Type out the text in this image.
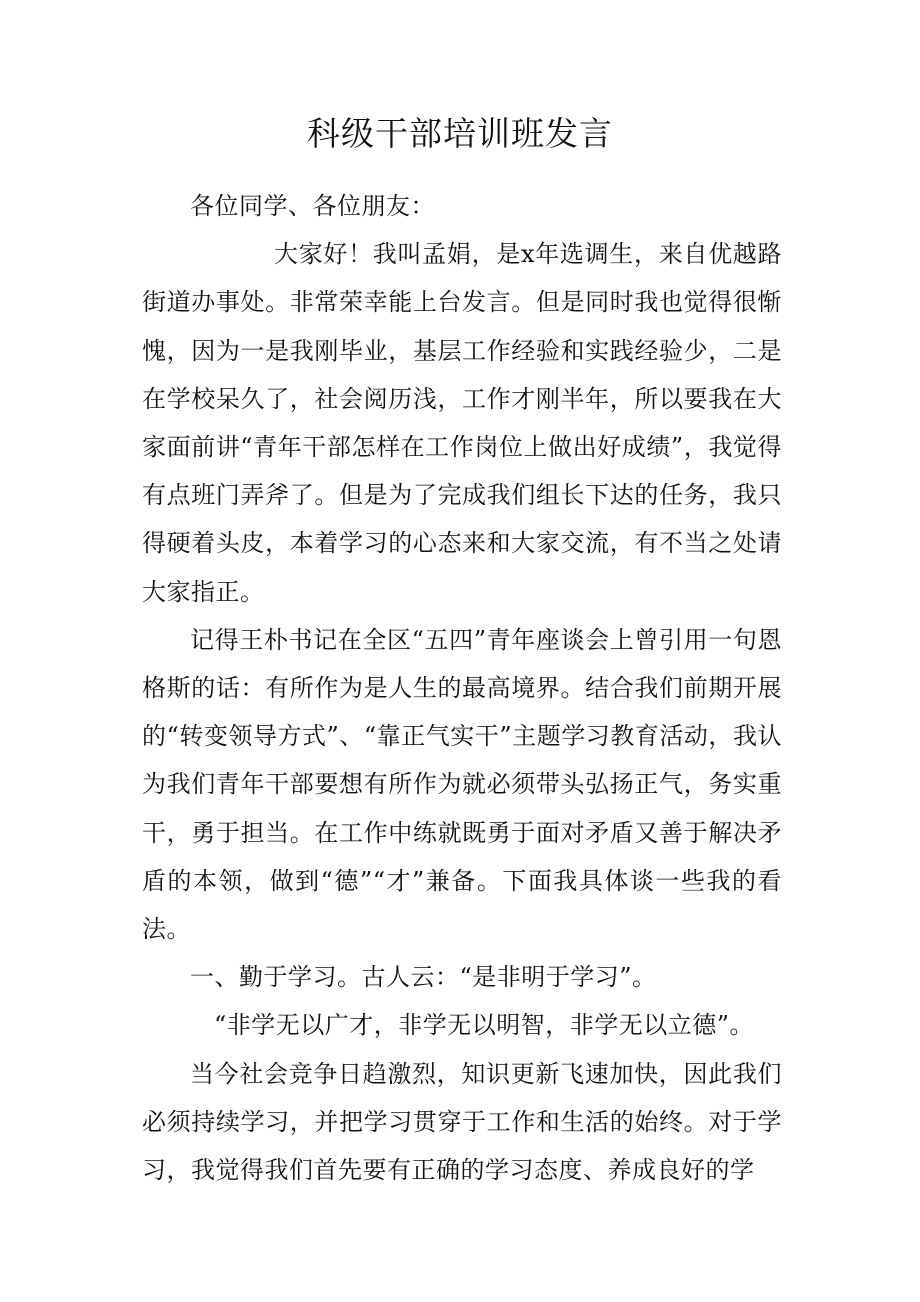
科级干部培训班发言

各位同学、各位朋友：

大家好！我叫孟娟，是x年选调生，来自优越路街道办事处。非常荣幸能上台发言。但是同时我也觉得很惭愧，因为一是我刚毕业，基层工作经验和实践经验少，二是在学校呆久了，社会阅历浅，工作才刚半年，所以要我在大家面前讲“青年干部怎样在工作岗位上做出好成绩”，我觉得有点班门弄斧了。但是为了完成我们组长下达的任务，我只得硬着头皮，本着学习的心态来和大家交流，有不当之处请大家指正。

记得王朴书记在全区“五四”青年座谈会上曾引用一句恩格斯的话：有所作为是人生的最高境界。结合我们前期开展的“转变领导方式”、“靠正气实干”主题学习教育活动，我认为我们青年干部要想有所作为就必须带头弘扬正气，务实重干，勇于担当。在工作中练就既勇于面对矛盾又善于解决矛盾的本领，做到“德”“才”兼备。下面我具体谈一些我的看法。

一、勤于学习。古人云：“是非明于学习”。

“非学无以广才，非学无以明智，非学无以立德”。

当今社会竞争日趋激烈，知识更新飞速加快，因此我们必须持续学习，并把学习贯穿于工作和生活的始终。对于学习，我觉得我们首先要有正确的学习态度、养成良好的学
